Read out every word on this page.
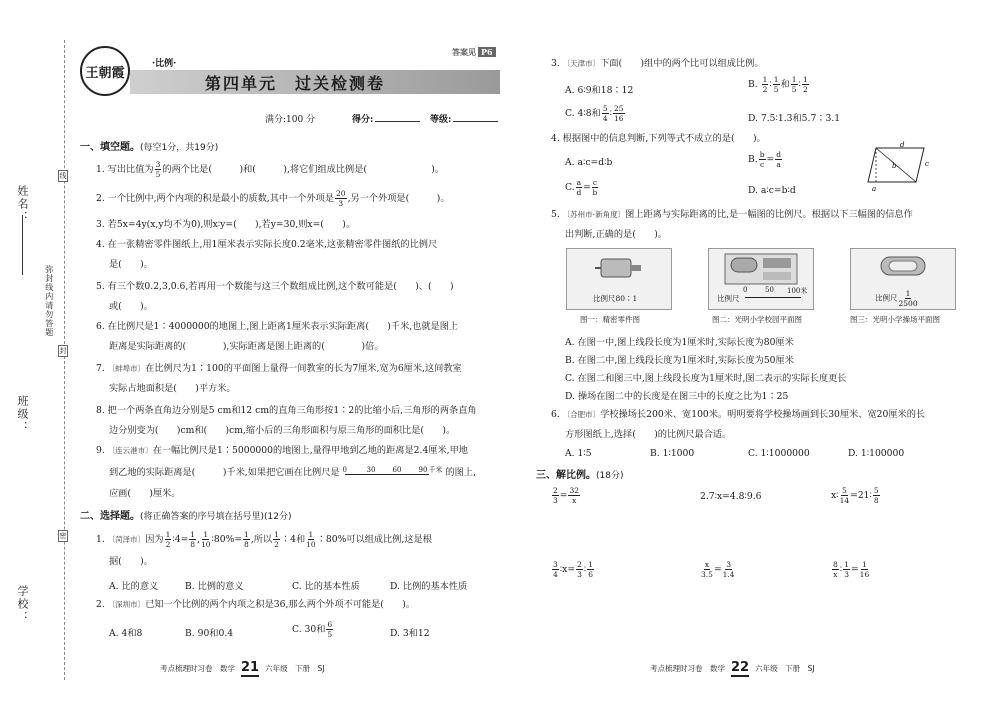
姓名：
弥封线内请勿答题
线
封
密
班级：
学校：
王朝霞
·比例·
答案见 P6
第四单元　过关检测卷
满分:100 分	得分:	等级:
一、填空题。(每空1分，共19分)
1. 写出比值为 $\frac{3}{5}$ 的两个比是(　　　)和(　　　),将它们组成比例是(　　　　　　　)。
2. 一个比例中,两个内项的积是最小的质数,其中一个外项是 $\frac{20}{3}$ ,另一个外项是(　　　)。
3. 若5x=4y(x,y均不为0),则x∶y=(　　),若y=30,则x=(　　)。
4. 在一张精密零件图纸上,用1厘米表示实际长度0.2毫米,这张精密零件图纸的比例尺
是(　　)。
5. 有三个数0.2,3,0.6,若再用一个数能与这三个数组成比例,这个数可能是(　　)、(　　)
或(　　)。
6. 在比例尺是1∶4000000的地图上,图上距离1厘米表示实际距离(　　)千米,也就是图上
距离是实际距离的(　　　　),实际距离是图上距离的(　　　　)倍。
7. 〔蚌埠市〕在比例尺为1∶100的平面图上量得一间教室的长为7厘米,宽为6厘米,这间教室
实际占地面积是(　　)平方米。
8. 把一个两条直角边分别是5 cm和12 cm的直角三角形按1∶2的比缩小后,三角形的两条直角
边分别变为(　　)cm和(　　)cm,缩小后的三角形面积与原三角形的面积比是(　　)。
9. 〔连云港市〕在一幅比例尺是1∶5000000的地图上,量得甲地到乙地的距离是2.4厘米,甲地
到乙地的实际距离是(　　　)千米,如果把它画在比例尺是 0	30 60 90 千米 的图上,
应画(　　)厘米。
二、选择题。(将正确答案的序号填在括号里)(12分)
1. 〔菏泽市〕因为 $\frac{1}{2}$ ∶4= $\frac{1}{8}$ , $\frac{1}{10}$ ∶80%= $\frac{1}{8}$ ,所以 $\frac{1}{2}$ ∶4和 $\frac{1}{10}$ ∶80%可以组成比例,这是根
据(　　)。
A. 比的意义	B. 比例的意义	C. 比的基本性质	D. 比例的基本性质
2. 〔深圳市〕已知一个比例的两个内项之积是36,那么两个外项不可能是(　　)。
A. 4和8	B. 90和0.4	C. 30和 $\frac{6}{5}$	D. 3和12
考点梳理时习卷　数学 21 六年级　下册　SJ
3. 〔天津市〕下面(　　)组中的两个比可以组成比例。
A. 6∶9和18∶12
B. $\frac{1}{2}$ ∶ $\frac{1}{5}$ 和 $\frac{1}{5}$ ∶ $\frac{1}{2}$
C. 4∶8和 $\frac{5}{4}$ ∶ $\frac{25}{16}$	D. 7.5∶1.3和5.7∶3.1
4. 根据图中的信息判断,下列等式不成立的是(　　)。
A. a∶c=d∶b	B. $\frac{b}{c} = \frac{d}{a}$
C. $\frac{a}{d} = \frac{c}{b}$	D. a∶c=b∶d
d
b	c
a
5. 〔苏州市·新角度〕图上距离与实际距离的比,是一幅图的比例尺。根据以下三幅图的信息作
出判断,正确的是(　　)。
比例尺80∶1
图一：精密零件图
比例尺
0	50 100米
图二：光明小学校园平面图
比例尺 $\frac{1}{2500}$
图三：光明小学操场平面图
A. 在图一中,图上线段长度为1厘米时,实际长度为80厘米
B. 在图二中,图上线段长度为1厘米时,实际长度为50厘米
C. 在图二和图三中,图上线段长度为1厘米时,图二表示的实际长度更长
D. 操场在图二中的长度是在图三中的长度之比为1∶25
6. 〔合肥市〕学校操场长200米、宽100米。明明要将学校操场画到长30厘米、宽20厘米的长
方形图纸上,选择(　　)的比例尺最合适。
A. 1∶5	B. 1∶1000	C. 1∶1000000	D. 1∶100000
三、解比例。(18分)
$\frac{2}{3} = \frac{32}{x}$	2.7∶x=4.8∶9.6	x∶ $\frac{5}{14}$ =21∶ $\frac{5}{8}$
$\frac{3}{4}$ ∶x= $\frac{2}{3}$ ∶ $\frac{1}{6}$	$\frac{x}{3.5} = \frac{3}{1.4}$	$\frac{8}{x}$ ∶ $\frac{1}{3} = \frac{1}{16}$
考点梳理时习卷　数学 22 六年级　下册　SJ
